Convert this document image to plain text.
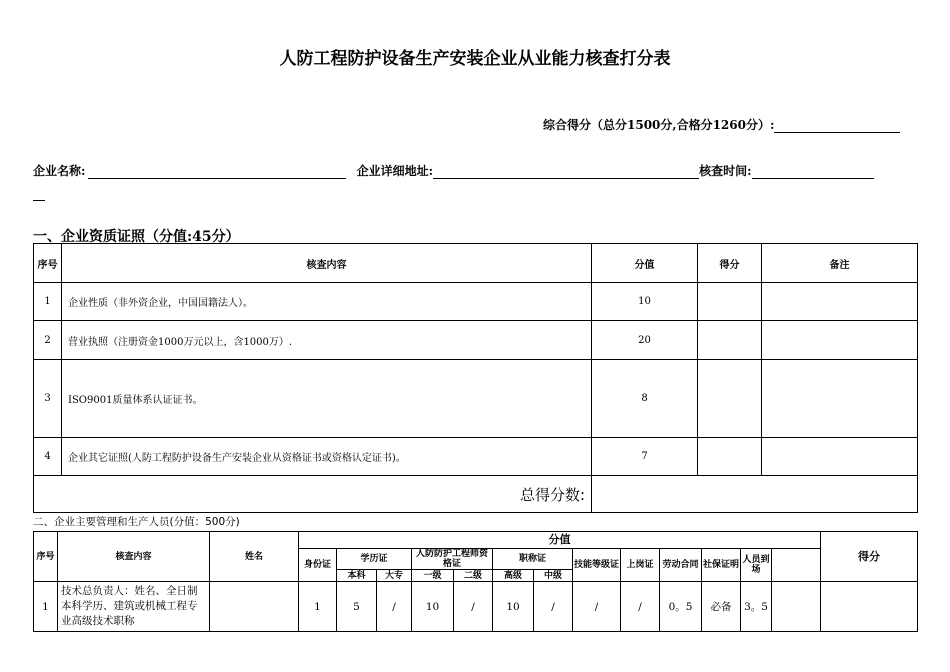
人防工程防护设备生产安装企业从业能力核查打分表
综合得分（总分1500分,合格分1260分）:
企业名称:	企业详细地址:	核查时间:
一、企业资质证照（分值:45分）
序号	核查内容	分值	得分	备注
1	企业性质（非外资企业，中国国籍法人）。	10		
2	营业执照（注册资金1000万元以上，含1000万）.	20		
3	ISO9001质量体系认证证书。	8		
4	企业其它证照(人防工程防护设备生产安装企业从资格证书或资格认定证书)。	7		
总得分数:				
二、企业主要管理和生产人员(分值：500分)
序号	核查内容	姓名	分值													得分	
			身份证	学历证		人防防护工程师资格证		职称证		技能等级证	上岗证	劳动合同	社保证明	人员到场			
				本科	大专	一级	二级	高级	中级								
1	技术总负责人：姓名、全日制本科学历、建筑或机械工程专业高级技术职称		1	5	/	10	/	10	/	/	/	0。5	必备	3。5			
